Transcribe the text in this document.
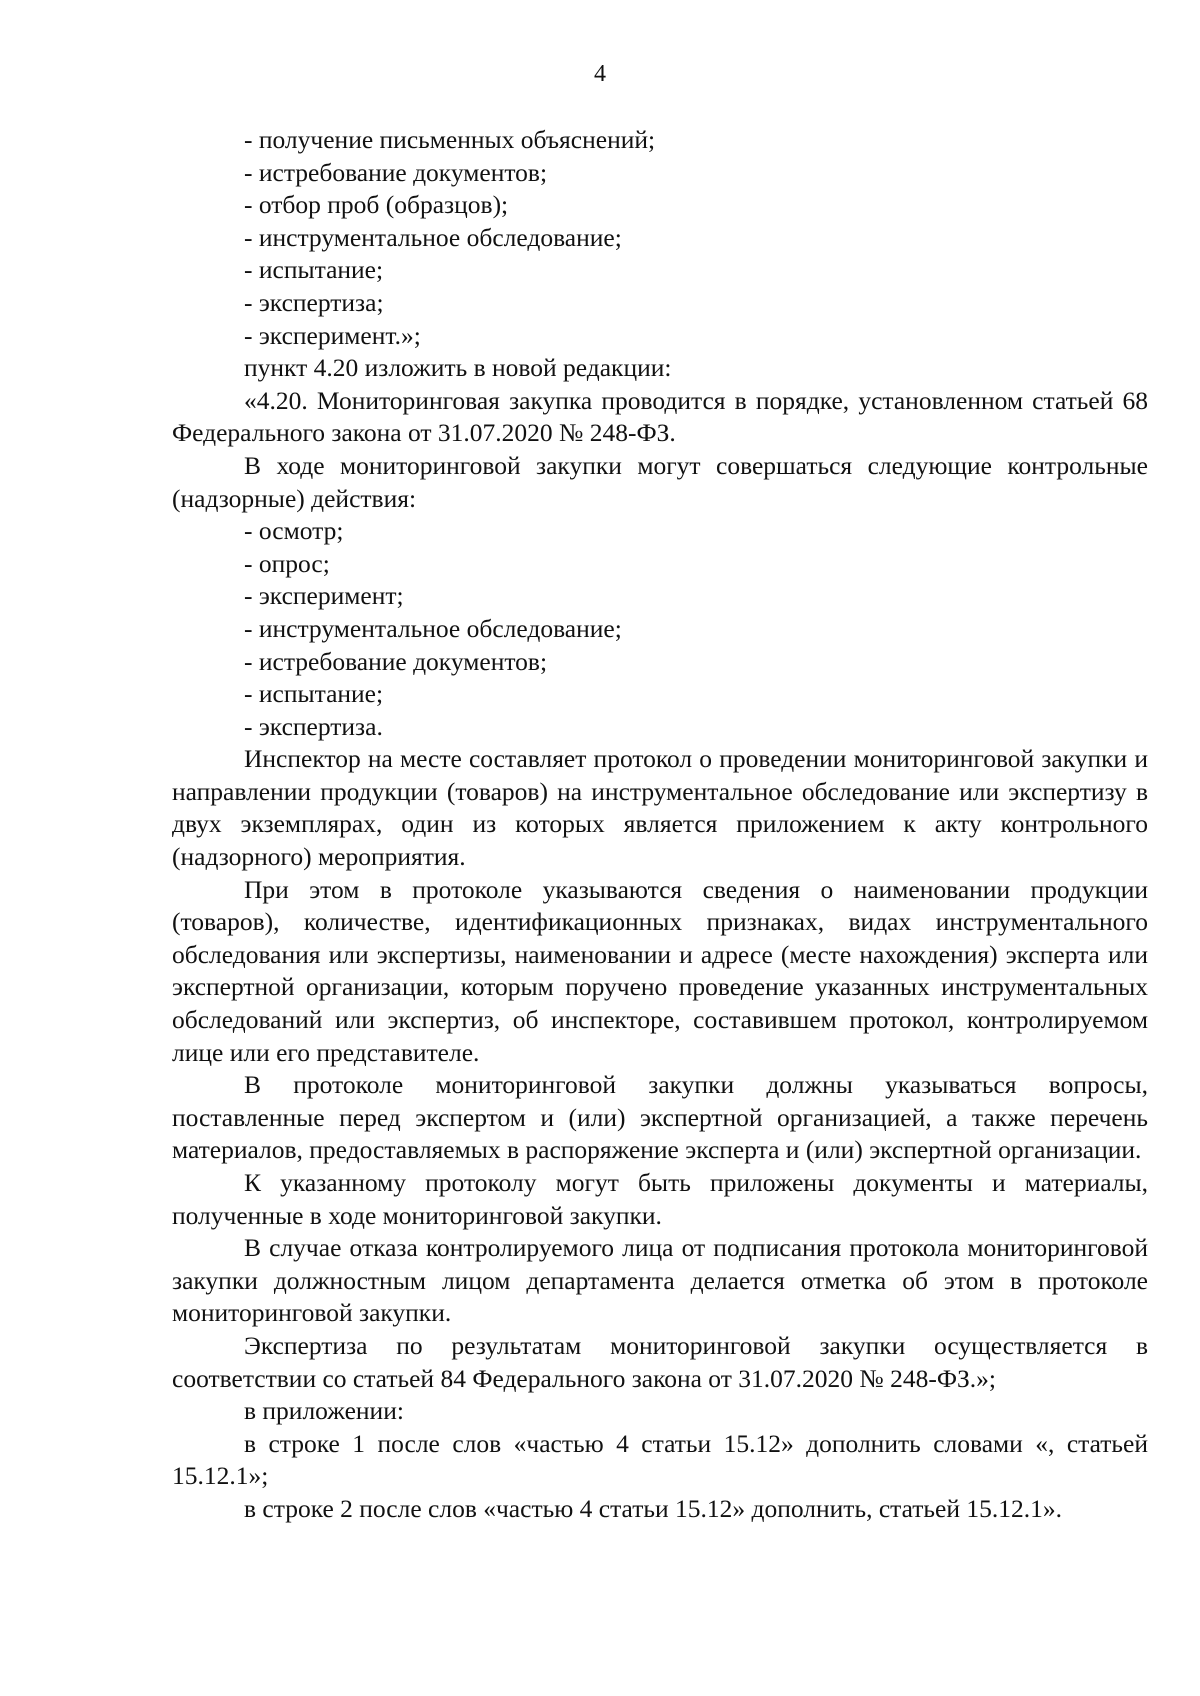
4

- получение письменных объяснений;

- истребование документов;

- отбор проб (образцов);

- инструментальное обследование;

- испытание;

- экспертиза;

- эксперимент.»;

пункт 4.20 изложить в новой редакции:

«4.20. Мониторинговая закупка проводится в порядке, установленном статьей 68 Федерального закона от 31.07.2020 № 248-ФЗ.

В ходе мониторинговой закупки могут совершаться следующие контрольные (надзорные) действия:

- осмотр;

- опрос;

- эксперимент;

- инструментальное обследование;

- истребование документов;

- испытание;

- экспертиза.

Инспектор на месте составляет протокол о проведении мониторинговой закупки и направлении продукции (товаров) на инструментальное обследование или экспертизу в двух экземплярах, один из которых является приложением к акту контрольного (надзорного) мероприятия.

При этом в протоколе указываются сведения о наименовании продукции (товаров), количестве, идентификационных признаках, видах инструментального обследования или экспертизы, наименовании и адресе (месте нахождения) эксперта или экспертной организации, которым поручено проведение указанных инструментальных обследований или экспертиз, об инспекторе, составившем протокол, контролируемом лице или его представителе.

В протоколе мониторинговой закупки должны указываться вопросы, поставленные перед экспертом и (или) экспертной организацией, а также перечень материалов, предоставляемых в распоряжение эксперта и (или) экспертной организации.

К указанному протоколу могут быть приложены документы и материалы, полученные в ходе мониторинговой закупки.

В случае отказа контролируемого лица от подписания протокола мониторинговой закупки должностным лицом департамента делается отметка об этом в протоколе мониторинговой закупки.

Экспертиза по результатам мониторинговой закупки осуществляется в соответствии со статьей 84 Федерального закона от 31.07.2020 № 248-ФЗ.»;

в приложении:

в строке 1 после слов «частью 4 статьи 15.12» дополнить словами «, статьей 15.12.1»;

в строке 2 после слов «частью 4 статьи 15.12» дополнить, статьей 15.12.1».
